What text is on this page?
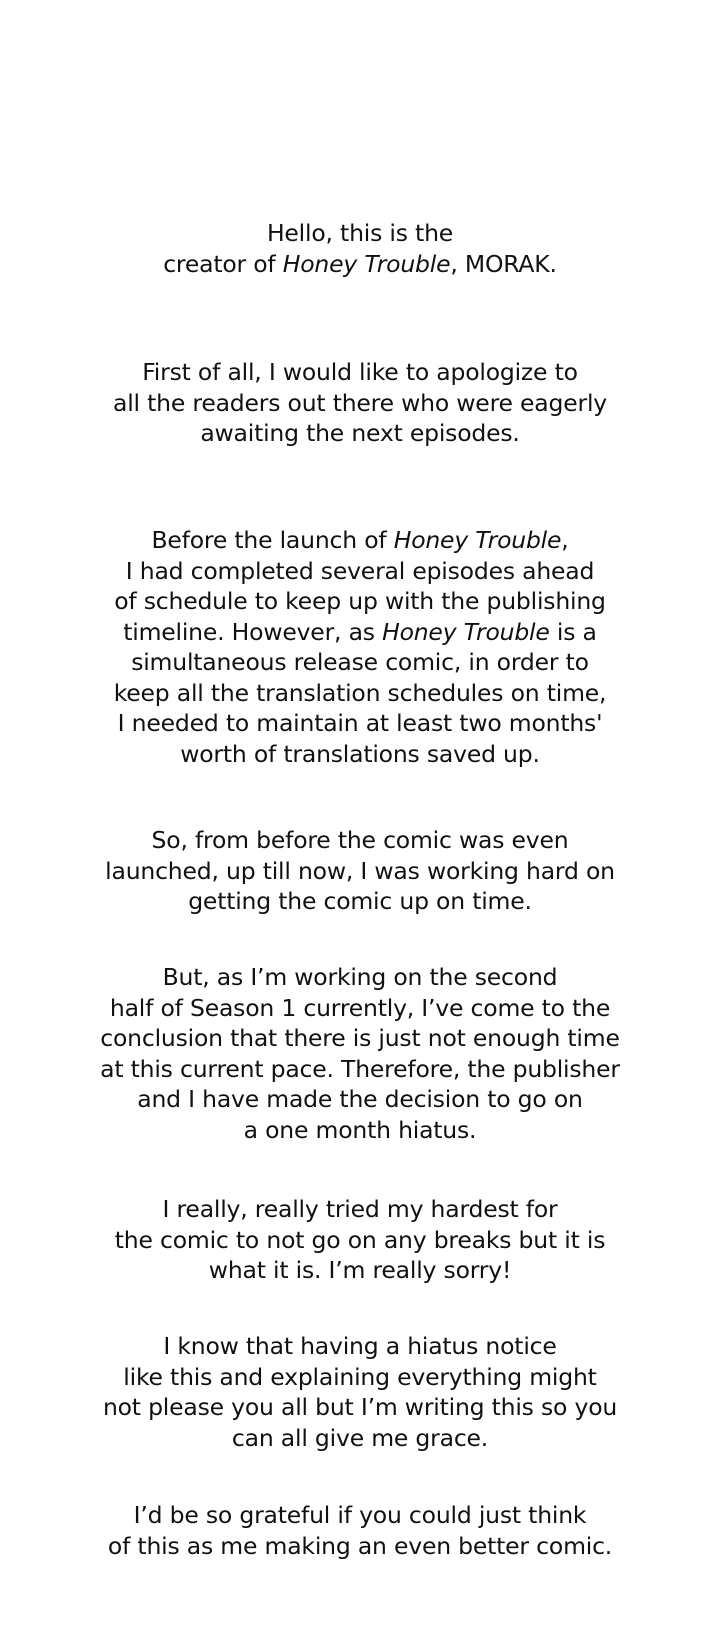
Hello, this is the
creator of Honey Trouble, MORAK.

First of all, I would like to apologize to
all the readers out there who were eagerly
awaiting the next episodes.

Before the launch of Honey Trouble,
I had completed several episodes ahead
of schedule to keep up with the publishing
timeline. However, as Honey Trouble is a
simultaneous release comic, in order to
keep all the translation schedules on time,
I needed to maintain at least two months'
worth of translations saved up.

So, from before the comic was even
launched, up till now, I was working hard on
getting the comic up on time.

But, as I’m working on the second
half of Season 1 currently, I’ve come to the
conclusion that there is just not enough time
at this current pace. Therefore, the publisher
and I have made the decision to go on
a one month hiatus.

I really, really tried my hardest for
the comic to not go on any breaks but it is
what it is. I’m really sorry!

I know that having a hiatus notice
like this and explaining everything might
not please you all but I’m writing this so you
can all give me grace.

I’d be so grateful if you could just think
of this as me making an even better comic.
